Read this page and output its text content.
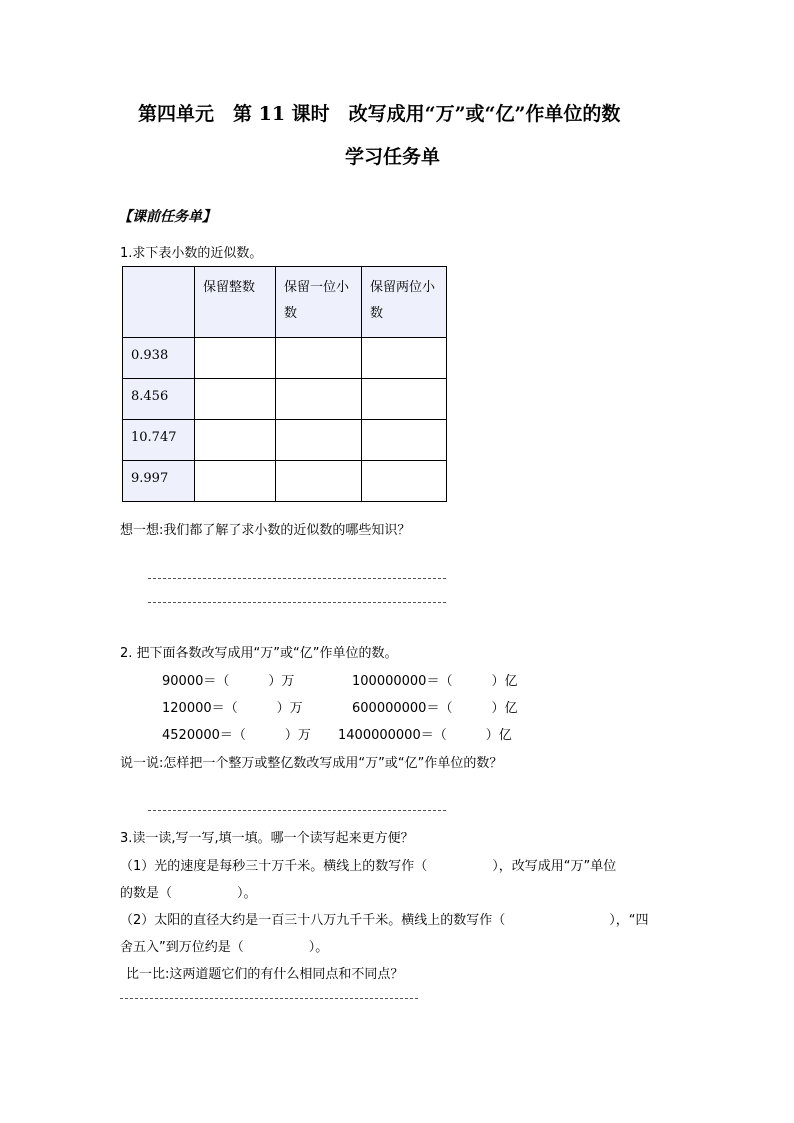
第四单元　第 11 课时　改写成用“万”或“亿”作单位的数
学习任务单
【课前任务单】
1.求下表小数的近似数。

	保留整数	保留一位小数	保留两位小数

0.938			

8.456			

10.747			

9.997			

想一想:我们都了解了求小数的近似数的哪些知识？
2. 把下面各数改写成用“万”或“亿”作单位的数。
90000＝（　　　）万	100000000＝（　　　）亿
120000＝（　　　）万	600000000＝（　　　）亿
4520000＝（　　　）万 1400000000＝（　　　）亿
说一说:怎样把一个整万或整亿数改写成用“万”或“亿”作单位的数？
3.读一读,写一写,填一填。哪一个读写起来更方便？
（1）光的速度是每秒三十万千米。横线上的数写作（　　　　　），改写成用“万”单位
的数是（　　　　　）。
（2）太阳的直径大约是一百三十八万九千千米。横线上的数写作（　　　　　　　　），“四
舍五入”到万位约是（　　　　　）。
比一比:这两道题它们的有什么相同点和不同点？
